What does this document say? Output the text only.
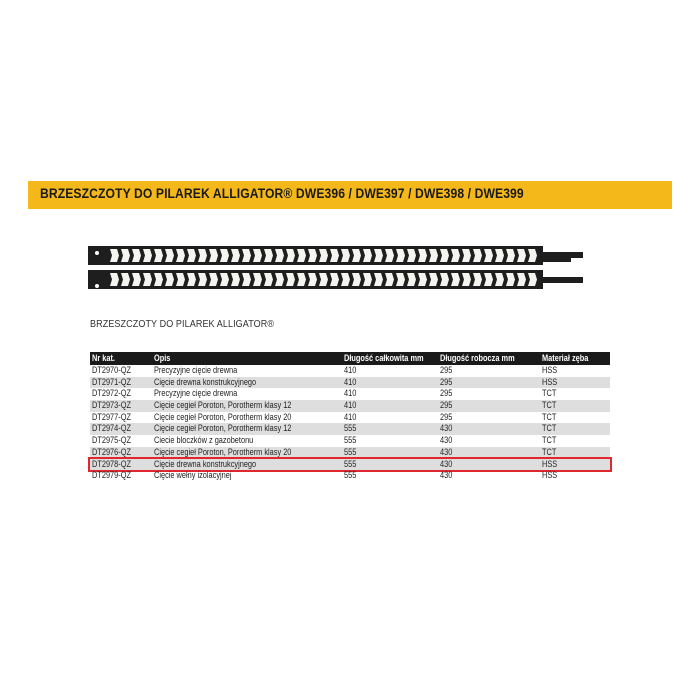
BRZESZCZOTY DO PILAREK ALLIGATOR® DWE396 / DWE397 / DWE398 / DWE399
BRZESZCZOTY DO PILAREK ALLIGATOR®
Nr kat.	Opis	Długość całkowita mm Długość robocza mm	Materiał zęba
DT2970-QZ	Precyzyjne cięcie drewna	410	295	HSS
DT2971-QZ	Cięcie drewna konstrukcyjnego	410	295	HSS
DT2972-QZ	Precyzyjne cięcie drewna	410	295	TCT
DT2973-QZ	Cięcie cegieł Poroton, Porotherm klasy 12	410	295	TCT
DT2977-QZ	Cięcie cegieł Poroton, Porotherm klasy 20	410	295	TCT
DT2974-QZ	Cięcie cegieł Poroton, Porotherm klasy 12	555	430	TCT
DT2975-QZ	Ciecie bloczków z gazobetonu	555	430	TCT
DT2976-QZ	Cięcie cegieł Poroton, Porotherm klasy 20	555	430	TCT
DT2978-QZ	Cięcie drewna konstrukcyjnego	555	430	HSS
DT2979-QZ	Cięcie wełny izolacyjnej	555	430	HSS
